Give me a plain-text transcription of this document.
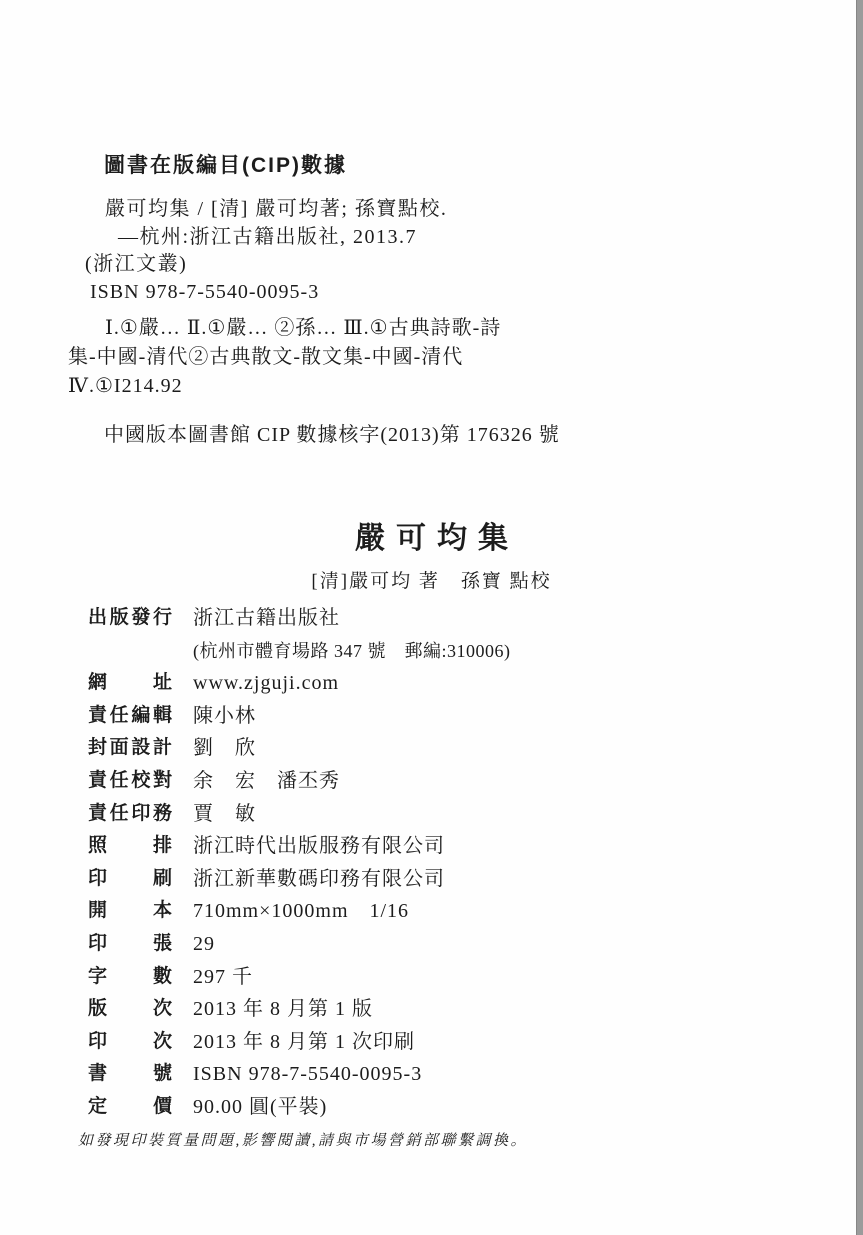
圖書在版編目(CIP)數據
嚴可均集 / [清] 嚴可均著; 孫寶點校.
—杭州:浙江古籍出版社, 2013.7
(浙江文叢)
ISBN 978-7-5540-0095-3
Ⅰ.①嚴… Ⅱ.①嚴… ②孫… Ⅲ.①古典詩歌-詩
集-中國-清代②古典散文-散文集-中國-清代
Ⅳ.①I214.92
中國版本圖書館 CIP 數據核字(2013)第 176326 號
嚴可均集
[清]嚴可均 著　孫寶 點校
出版發行 浙江古籍出版社
(杭州市體育場路 347 號　郵編:310006)
網址 www.zjguji.com
責任編輯 陳小林
封面設計 劉　欣
責任校對 余　宏　潘丕秀
責任印務 賈　敏
照排 浙江時代出版服務有限公司
印刷 浙江新華數碼印務有限公司
開本 710mm×1000mm　1/16
印張 29
字數 297 千
版次 2013 年 8 月第 1 版
印次 2013 年 8 月第 1 次印刷
書號 ISBN 978-7-5540-0095-3
定價 90.00 圓(平裝)
如發現印裝質量問題,影響閱讀,請與市場營銷部聯繫調換。
